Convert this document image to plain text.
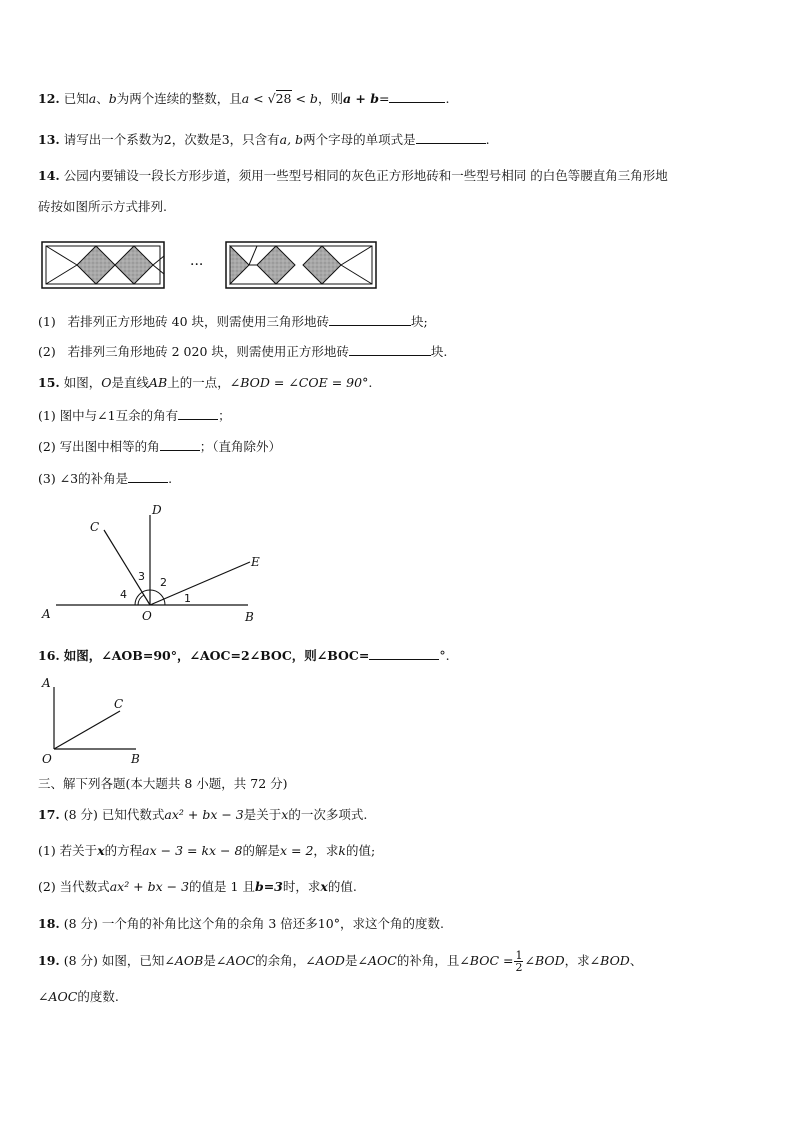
12. 已知a、b为两个连续的整数，且a < √28 < b，则a + b=	.
13. 请写出一个系数为2，次数是3，只含有a, b两个字母的单项式是	.
14. 公园内要铺设一段长方形步道，须用一些型号相同的灰色正方形地砖和一些型号相同 的白色等腰直角三角形地
砖按如图所示方式排列.
···
(1) 若排列正方形地砖 40 块，则需使用三角形地砖	块;
(2) 若排列三角形地砖 2 020 块，则需使用正方形地砖	块.
15. 如图，O是直线AB上的一点，∠BOD = ∠COE = 90°.
(1) 图中与∠1互余的角有	；
(2) 写出图中相等的角	；（直角除外）
(3) ∠3的补角是	.
A	B
C
D
E
O
1
2
3
4
16. 如图，∠AOB=90°，∠AOC=2∠BOC，则∠BOC=	°.
A
B
C
O
三、解下列各题(本大题共 8 小题，共 72 分)
17. (8 分) 已知代数式ax² + bx − 3是关于x的一次多项式.
(1) 若关于x的方程ax − 3 = kx − 8的解是x = 2，求k的值;
(2) 当代数式ax² + bx − 3的值是 1 且b=3时，求x的值.
18. (8 分) 一个角的补角比这个角的余角 3 倍还多10°，求这个角的度数.
19. (8 分) 如图，已知∠AOB是∠AOC的余角，∠AOD是∠AOC的补角，且∠BOC = $\frac{1}{2}$ ∠BOD，求∠BOD、
∠AOC的度数.
